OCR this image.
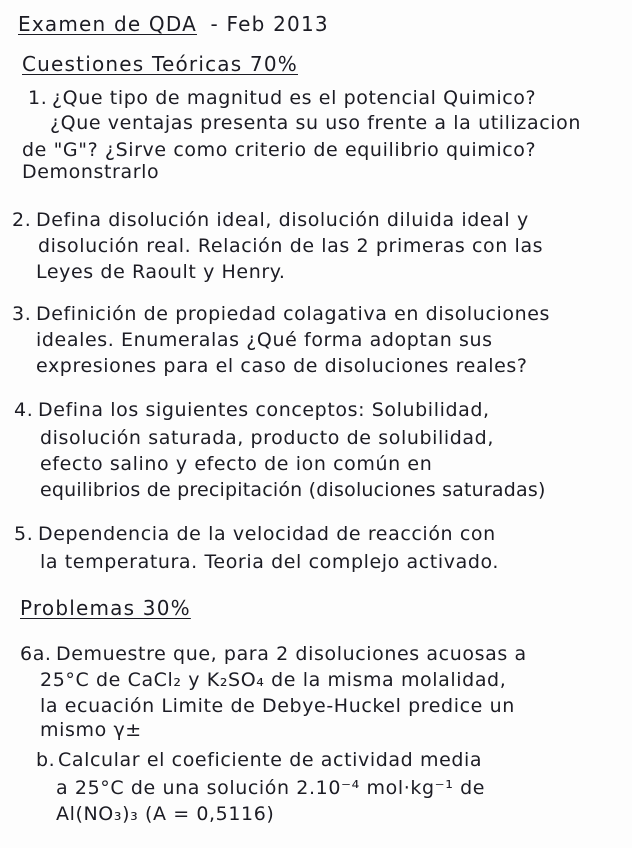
Examen de QDA - Feb 2013
Cuestiones Teóricas 70%
1. ¿Que tipo de magnitud es el potencial Quimico?
¿Que ventajas presenta su uso frente a la utilizacion
de "G"? ¿Sirve como criterio de equilibrio quimico?
Demonstrarlo
2. Defina disolución ideal, disolución diluida ideal y
disolución real. Relación de las 2 primeras con las
Leyes de Raoult y Henry.
3. Definición de propiedad colagativa en disoluciones
ideales. Enumeralas ¿Qué forma adoptan sus
expresiones para el caso de disoluciones reales?
4. Defina los siguientes conceptos: Solubilidad,
disolución saturada, producto de solubilidad,
efecto salino y efecto de ion común en
equilibrios de precipitación (disoluciones saturadas)
5. Dependencia de la velocidad de reacción con
la temperatura. Teoria del complejo activado.
Problemas 30%
6a. Demuestre que, para 2 disoluciones acuosas a
25°C de CaCl₂ y K₂SO₄ de la misma molalidad,
la ecuación Limite de Debye-Huckel predice un
mismo γ±
b. Calcular el coeficiente de actividad media
a 25°C de una solución 2.10⁻⁴ mol·kg⁻¹ de
Al(NO₃)₃ (A = 0,5116)
